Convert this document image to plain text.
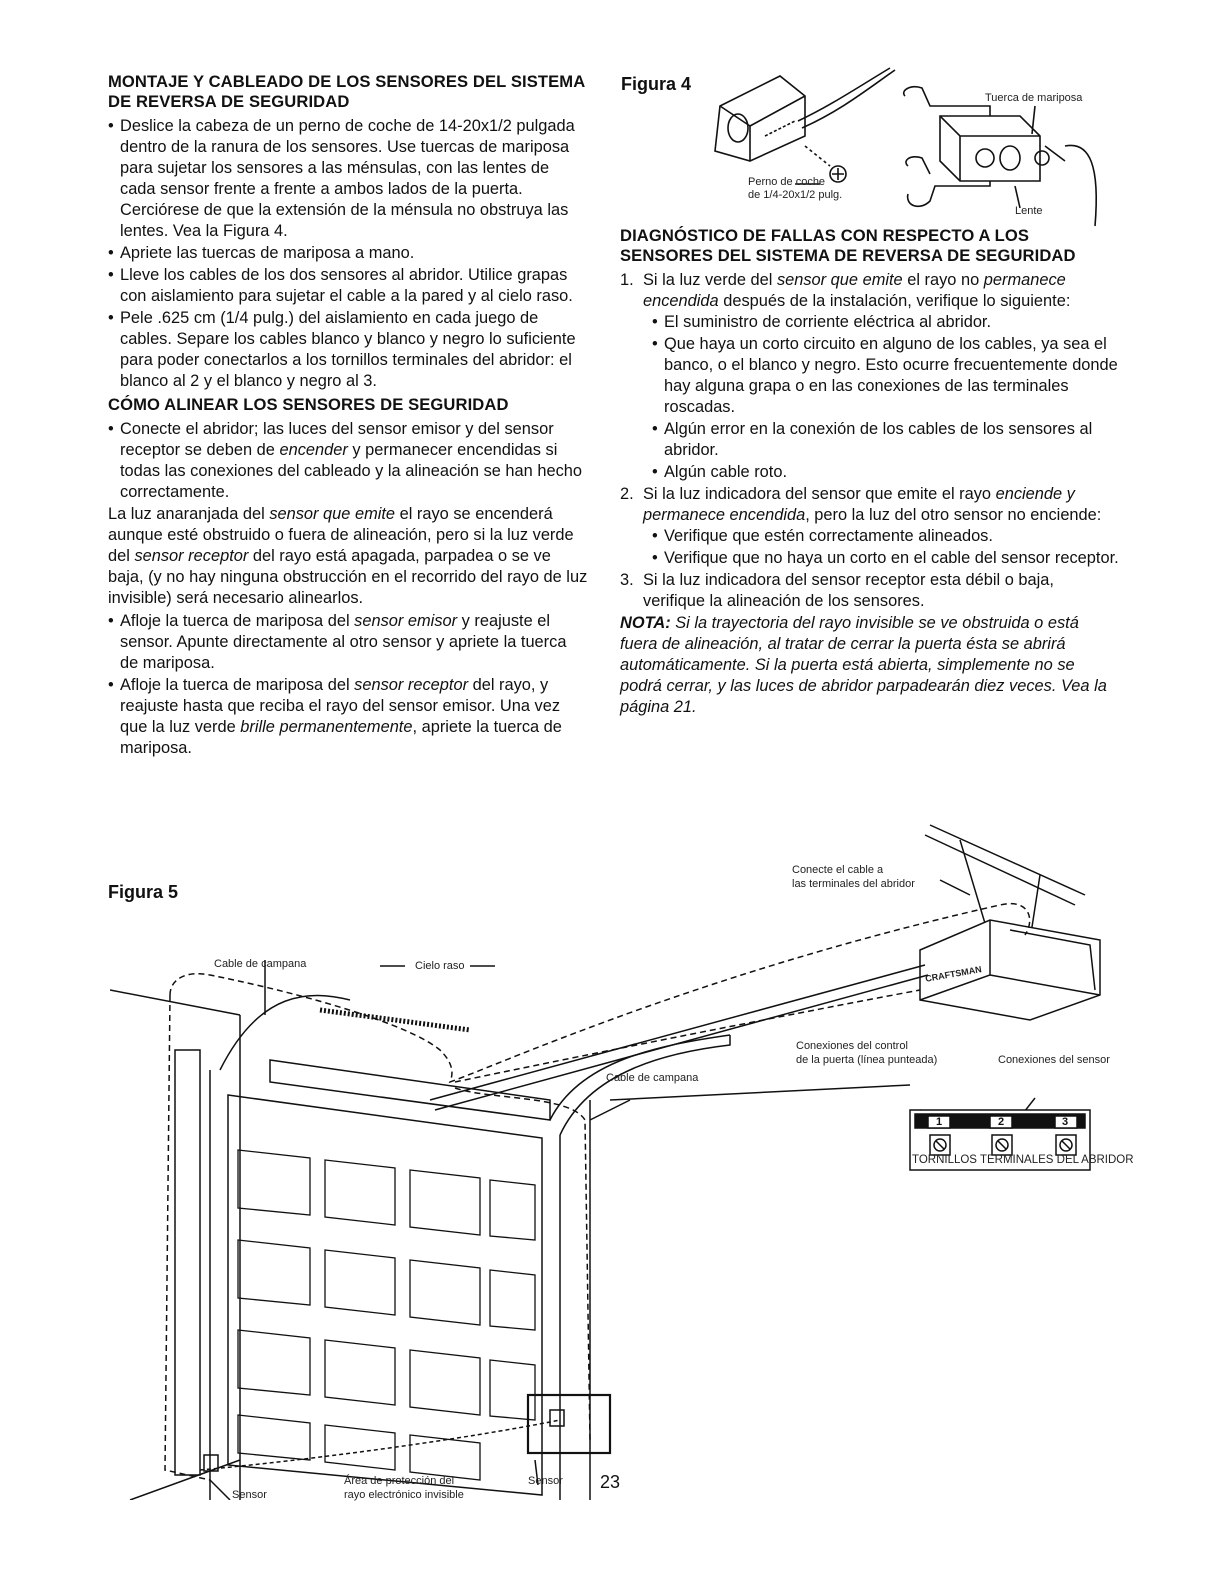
MONTAJE Y CABLEADO DE LOS SENSORES DEL SISTEMA DE REVERSA DE SEGURIDAD
• Deslice la cabeza de un perno de coche de 14-20x1/2 pulgada dentro de la ranura de los sensores. Use tuercas de mariposa para sujetar los sensores a las ménsulas, con las lentes de cada sensor frente a frente a ambos lados de la puerta. Cerciórese de que la extensión de la ménsula no obstruya las lentes. Vea la Figura 4.
• Apriete las tuercas de mariposa a mano.
• Lleve los cables de los dos sensores al abridor. Utilice grapas con aislamiento para sujetar el cable a la pared y al cielo raso.
• Pele .625 cm (1/4 pulg.) del aislamiento en cada juego de cables. Separe los cables blanco y blanco y negro lo suficiente para poder conectarlos a los tornillos terminales del abridor: el blanco al 2 y el blanco y negro al 3.
CÓMO ALINEAR LOS SENSORES DE SEGURIDAD
• Conecte el abridor; las luces del sensor emisor y del sensor receptor se deben de encender y permanecer encendidas si todas las conexiones del cableado y la alineación se han hecho correctamente.

La luz anaranjada del sensor que emite el rayo se encenderá aunque esté obstruido o fuera de alineación, pero si la luz verde del sensor receptor del rayo está apagada, parpadea o se ve baja, (y no hay ninguna obstrucción en el recorrido del rayo de luz invisible) será necesario alinearlos.

• Afloje la tuerca de mariposa del sensor emisor y reajuste el sensor. Apunte directamente al otro sensor y apriete la tuerca de mariposa.
• Afloje la tuerca de mariposa del sensor receptor del rayo, y reajuste hasta que reciba el rayo del sensor emisor. Una vez que la luz verde brille permanentemente, apriete la tuerca de mariposa.
Figura 4
Tuerca de mariposa
Perno de coche
de 1/4-20x1/2 pulg.
Lente
DIAGNÓSTICO DE FALLAS CON RESPECTO A LOS SENSORES DEL SISTEMA DE REVERSA DE SEGURIDAD
1. Si la luz verde del sensor que emite el rayo no permanece encendida después de la instalación, verifique lo siguiente:
• El suministro de corriente eléctrica al abridor.
• Que haya un corto circuito en alguno de los cables, ya sea el banco, o el blanco y negro. Esto ocurre frecuentemente donde hay alguna grapa o en las conexiones de las terminales roscadas.
• Algún error en la conexión de los cables de los sensores al abridor.
• Algún cable roto.
2. Si la luz indicadora del sensor que emite el rayo enciende y permanece encendida, pero la luz del otro sensor no enciende:
• Verifique que estén correctamente alineados.
• Verifique que no haya un corto en el cable del sensor receptor.
3. Si la luz indicadora del sensor receptor esta débil o baja, verifique la alineación de los sensores.

NOTA: Si la trayectoria del rayo invisible se ve obstruida o está fuera de alineación, al tratar de cerrar la puerta ésta se abrirá automáticamente. Si la puerta está abierta, simplemente no se podrá cerrar, y las luces de abridor parpadearán diez veces. Vea la página 21.

Figura 5
Cable de campana	Cielo raso
Cable de campana
Conecte el cable a
las terminales del abridor
CRAFTSMAN
Conexiones del control
de la puerta (línea punteada)	Conexiones del sensor
1	2	3
TORNILLOS TERMINALES DEL ABRIDOR
Área de protección del
rayo electrónico invisible
Sensor
Sensor
23
